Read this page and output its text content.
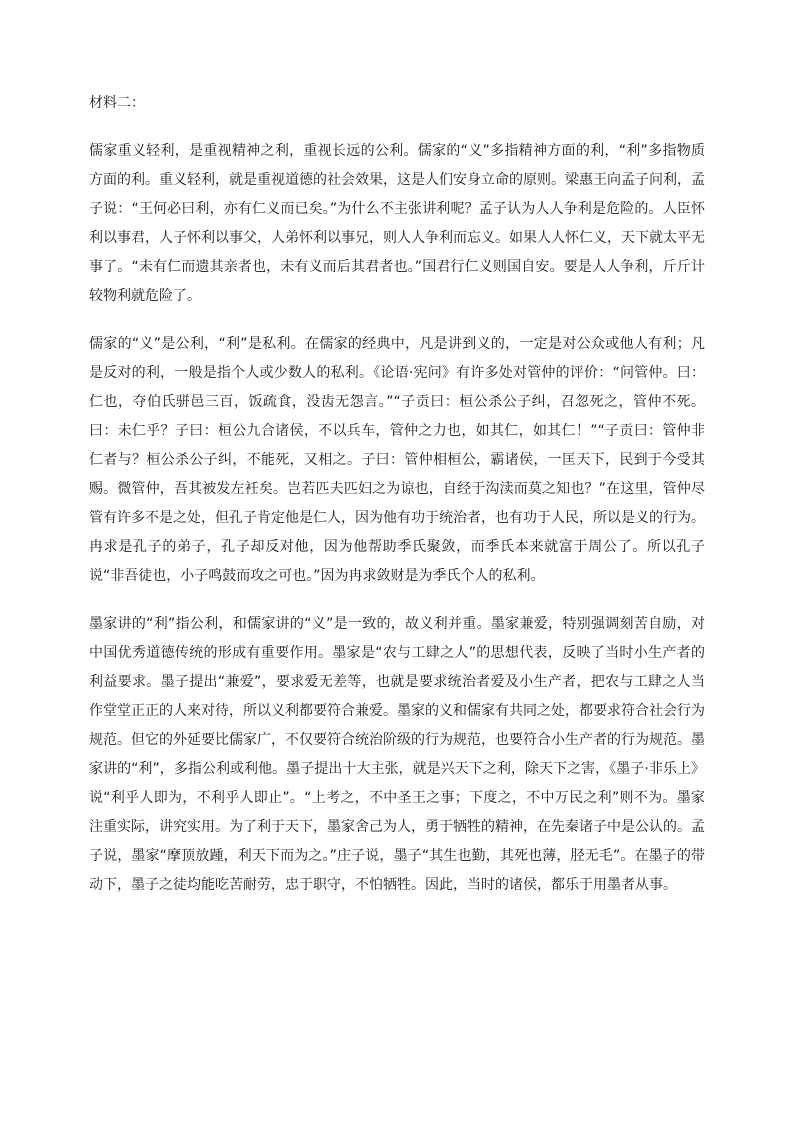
材料二：

儒家重义轻利，是重视精神之利，重视长远的公利。儒家的“义”多指精神方面的利，“利”多指物质方面的利。重义轻利，就是重视道德的社会效果，这是人们安身立命的原则。梁惠王向孟子问利，孟子说：“王何必曰利，亦有仁义而已矣。”为什么不主张讲利呢？孟子认为人人争利是危险的。人臣怀利以事君，人子怀利以事父，人弟怀利以事兄，则人人争利而忘义。如果人人怀仁义，天下就太平无事了。“未有仁而遗其亲者也，未有义而后其君者也。”国君行仁义则国自安。要是人人争利，斤斤计较物利就危险了。

儒家的“义”是公利，“利”是私利。在儒家的经典中，凡是讲到义的，一定是对公众或他人有利；凡是反对的利，一般是指个人或少数人的私利。《论语·宪问》有许多处对管仲的评价：“问管仲。曰：仁也，夺伯氏骈邑三百，饭疏食，没齿无怨言。”“子贡曰：桓公杀公子纠，召忽死之，管仲不死。曰：未仁乎？子曰：桓公九合诸侯，不以兵车，管仲之力也，如其仁，如其仁！”“子贡曰：管仲非仁者与？桓公杀公子纠，不能死，又相之。子曰：管仲相桓公，霸诸侯，一匡天下，民到于今受其赐。微管仲，吾其被发左衽矣。岂若匹夫匹妇之为谅也，自经于沟渎而莫之知也？”在这里，管仲尽管有许多不是之处，但孔子肯定他是仁人，因为他有功于统治者，也有功于人民，所以是义的行为。冉求是孔子的弟子，孔子却反对他，因为他帮助季氏聚敛，而季氏本来就富于周公了。所以孔子说“非吾徒也，小子鸣鼓而攻之可也。”因为冉求敛财是为季氏个人的私利。

墨家讲的“利”指公利，和儒家讲的“义”是一致的，故义利并重。墨家兼爱，特别强调刻苦自励，对中国优秀道德传统的形成有重要作用。墨家是“农与工肆之人”的思想代表，反映了当时小生产者的利益要求。墨子提出“兼爱”，要求爱无差等，也就是要求统治者爱及小生产者，把农与工肆之人当作堂堂正正的人来对待，所以义利都要符合兼爱。墨家的义和儒家有共同之处，都要求符合社会行为规范。但它的外延要比儒家广，不仅要符合统治阶级的行为规范，也要符合小生产者的行为规范。墨家讲的“利”，多指公利或利他。墨子提出十大主张，就是兴天下之利，除天下之害，《墨子·非乐上》说“利乎人即为，不利乎人即止”。“上考之，不中圣王之事；下度之，不中万民之利”则不为。墨家注重实际，讲究实用。为了利于天下，墨家舍己为人，勇于牺牲的精神，在先秦诸子中是公认的。孟子说，墨家“摩顶放踵，利天下而为之。”庄子说，墨子“其生也勤，其死也薄，胫无毛”。在墨子的带动下，墨子之徒均能吃苦耐劳，忠于职守，不怕牺牲。因此，当时的诸侯，都乐于用墨者从事。
